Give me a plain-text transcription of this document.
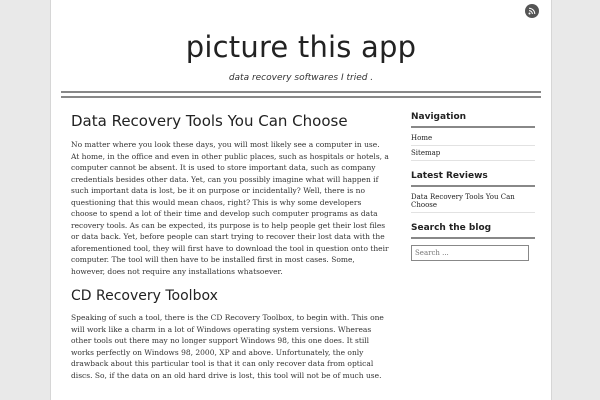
picture this app
data recovery softwares I tried .
Data Recovery Tools You Can Choose

No matter where you look these days, you will most likely see a computer in use. At home, in the office and even in other public places, such as hospitals or hotels, a computer cannot be absent. It is used to store important data, such as company credentials besides other data. Yet, can you possibly imagine what will happen if such important data is lost, be it on purpose or incidentally? Well, there is no questioning that this would mean chaos, right? This is why some developers choose to spend a lot of their time and develop such computer programs as data recovery tools. As can be expected, its purpose is to help people get their lost files or data back. Yet, before people can start trying to recover their lost data with the aforementioned tool, they will first have to download the tool in question onto their computer. The tool will then have to be installed first in most cases. Some, however, does not require any installations whatsoever.

CD Recovery Toolbox

Speaking of such a tool, there is the CD Recovery Toolbox, to begin with. This one will work like a charm in a lot of Windows operating system versions. Whereas other tools out there may no longer support Windows 98, this one does. It still works perfectly on Windows 98, 2000, XP and above. Unfortunately, the only drawback about this particular tool is that it can only recover data from optical discs. So, if the data on an old hard drive is lost, this tool will not be of much use.

Navigation
Home
Sitemap
Latest Reviews
Data Recovery Tools You Can Choose
Search the blog
Search ...
